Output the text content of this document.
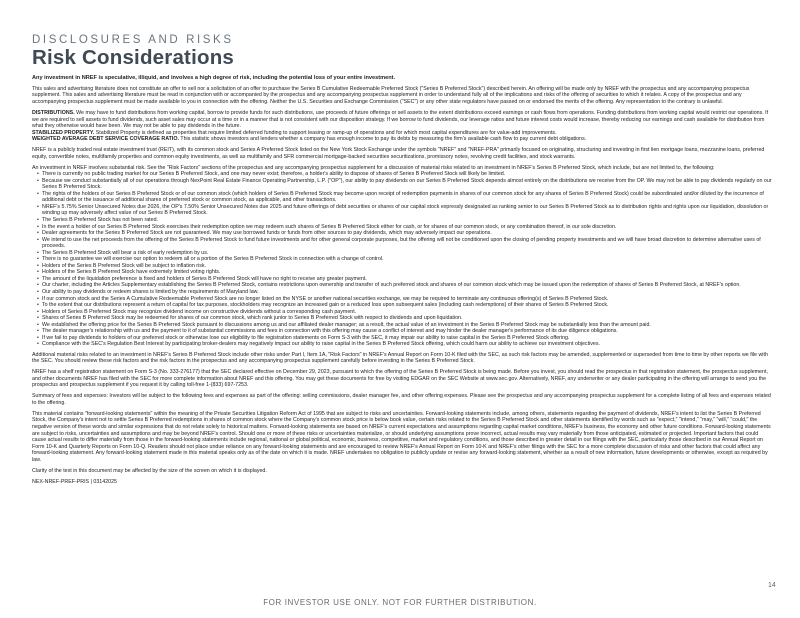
DISCLOSURES AND RISKS
Risk Considerations

Any investment in NREF is speculative, illiquid, and involves a high degree of risk, including the potential loss of your entire investment.

This sales and advertising literature does not constitute an offer to sell nor a solicitation of an offer to purchase the Series B Cumulative Redeemable Preferred Stock ("Series B Preferred Stock") described herein. An offering will be made only by NREF with the prospectus and any accompanying prospectus supplement. This sales and advertising literature must be read in conjunction with or accompanied by the prospectus and any accompanying prospectus supplement in order to understand fully all of the implications and risks of the offering of securities to which it relates. A copy of the prospectus and any accompanying prospectus supplement must be made available to you in connection with the offering. Neither the U.S. Securities and Exchange Commission ("SEC") or any other state regulators have passed on or endorsed the merits of the offering. Any representation to the contrary is unlawful.

DISTRIBUTIONS. We may have to fund distributions from working capital, borrow to provide funds for such distributions, use proceeds of future offerings or sell assets to the extent distributions exceed earnings or cash flows from operations. Funding distributions from working capital would restrict our operations. If we are required to sell assets to fund dividends, such asset sales may occur at a time or in a manner that is not consistent with our disposition strategy. If we borrow to fund dividends, our leverage ratios and future interest costs would increase, thereby reducing our earnings and cash available for distribution from what they otherwise would have been. We may not be able to pay dividends in the future.
STABILIZED PROPERTY. Stabilized Property is defined as properties that require limited deferred funding to support leasing or ramp-up of operations and for which most capital expenditures are for value-add improvements.
WEIGHTED AVERAGE DEBT SERVICE COVERAGE RATIO. This statistic shows investors and lenders whether a company has enough income to pay its debts by measuring the firm's available cash flow to pay current debt obligations.

NREF is a publicly traded real estate investment trust (REIT), with its common stock and Series A Preferred Stock listed on the New York Stock Exchange under the symbols "NREF" and "NREF-PRA" primarily focused on originating, structuring and investing in first lien mortgage loans, mezzanine loans, preferred equity, convertible notes, multifamily properties and common equity investments, as well as multifamily and SFR commercial mortgage-backed securities securitizations, promissory notes, revolving credit facilities, and stock warrants.

An investment in NREF involves substantial risk. See the "Risk Factors" sections of the prospectus and any accompanying prospectus supplement for a discussion of material risks related to an investment in NREF's Series B Preferred Stock, which include, but are not limited to, the following:

• There is currently no public trading market for our Series B Preferred Stock, and one may never exist; therefore, a holder's ability to dispose of shares of Series B Preferred Stock will likely be limited.
• Because we conduct substantially all of our operations through NexPoint Real Estate Finance Operating Partnership, L.P. ("OP"), our ability to pay dividends on our Series B Preferred Stock depends almost entirely on the distributions we receive from the OP. We may not be able to pay dividends regularly on our Series B Preferred Stock.
• The rights of the holders of our Series B Preferred Stock or of our common stock (which holders of Series B Preferred Stock may become upon receipt of redemption payments in shares of our common stock for any shares of Series B Preferred Stock) could be subordinated and/or diluted by the incurrence of additional debt or the issuance of additional shares of preferred stock or common stock, as applicable, and other transactions.
• NREF's 5.75% Senior Unsecured Notes due 2026, the OP's 7.50% Senior Unsecured Notes due 2025 and future offerings of debt securities or shares of our capital stock expressly designated as ranking senior to our Series B Preferred Stock as to distribution rights and rights upon our liquidation, dissolution or winding up may adversely affect value of our Series B Preferred Stock.
• The Series B Preferred Stock has not been rated.
• In the event a holder of our Series B Preferred Stock exercises their redemption option we may redeem such shares of Series B Preferred Stock either for cash, or for shares of our common stock, or any combination thereof, in our sole discretion.
• Dealer agreements for the Series B Preferred Stock are not guaranteed. We may use borrowed funds or funds from other sources to pay dividends, which may adversely impact our operations.
• We intend to use the net proceeds from the offering of the Series B Preferred Stock to fund future investments and for other general corporate purposes, but the offering will not be conditioned upon the closing of pending property investments and we will have broad discretion to determine alternative uses of proceeds.
• The Series B Preferred Stock will bear a risk of early redemption by us.
• There is no guarantee we will exercise our option to redeem all or a portion of the Series B Preferred Stock in connection with a change of control.
• Holders of the Series B Preferred Stock will be subject to inflation risk.
• Holders of the Series B Preferred Stock have extremely limited voting rights.
• The amount of the liquidation preference is fixed and holders of Series B Preferred Stock will have no right to receive any greater payment.
• Our charter, including the Articles Supplementary establishing the Series B Preferred Stock, contains restrictions upon ownership and transfer of such preferred stock and shares of our common stock which may be issued upon the redemption of shares of Series B Preferred Stock, at NREF's option.
• Our ability to pay dividends or redeem shares is limited by the requirements of Maryland law.
• If our common stock and the Series A Cumulative Redeemable Preferred Stock are no longer listed on the NYSE or another national securities exchange, we may be required to terminate any continuous offering(s) of Series B Preferred Stock.
• To the extent that our distributions represent a return of capital for tax purposes, stockholders may recognize an increased gain or a reduced loss upon subsequent sales (including cash redemptions) of their shares of Series B Preferred Stock.
• Holders of Series B Preferred Stock may recognize dividend income on constructive dividends without a corresponding cash payment.
• Shares of Series B Preferred Stock may be redeemed for shares of our common stock, which rank junior to Series B Preferred Stock with respect to dividends and upon liquidation.
• We established the offering price for the Series B Preferred Stock pursuant to discussions among us and our affiliated dealer manager; as a result, the actual value of an investment in the Series B Preferred Stock may be substantially less than the amount paid.
• The dealer manager's relationship with us and the payment to it of substantial commissions and fees in connection with this offering may cause a conflict of interest and may hinder the dealer manager's performance of its due diligence obligations.
• If we fail to pay dividends to holders of our preferred stock or otherwise lose our eligibility to file registration statements on Form S-3 with the SEC, it may impair our ability to raise capital in the Series B Preferred Stock offering.
• Compliance with the SEC's Regulation Best Interest by participating broker-dealers may negatively impact our ability to raise capital in the Series B Preferred Stock offering, which could harm our ability to achieve our investment objectives.

Additional material risks related to an investment in NREF's Series B Preferred Stock include other risks under Part I, Item 1A, "Risk Factors" in NREF's Annual Report on Form 10-K filed with the SEC, as such risk factors may be amended, supplemented or superseded from time to time by other reports we file with the SEC. You should review these risk factors and the risk factors in the prospectus and any accompanying prospectus supplement carefully before investing in the Series B Preferred Stock.

NREF has a shelf registration statement on Form S-3 (No. 333-276177) that the SEC declared effective on December 29, 2023, pursuant to which the offering of the Series B Preferred Stock is being made. Before you invest, you should read the prospectus in that registration statement, the prospectus supplement, and other documents NREF has filed with the SEC for more complete information about NREF and this offering. You may get these documents for free by visiting EDGAR on the SEC Website at www.sec.gov. Alternatively, NREF, any underwriter or any dealer participating in the offering will arrange to send you the prospectus and prospectus supplement if you request it by calling toll-free 1-(833) 697-7253.

Summary of fees and expenses: Investors will be subject to the following fees and expenses as part of the offering: selling commissions, dealer manager fee, and other offering expenses. Please see the prospectus and any accompanying prospectus supplement for a complete listing of all fees and expenses related to the offering.

This material contains "forward-looking statements" within the meaning of the Private Securities Litigation Reform Act of 1995 that are subject to risks and uncertainties. Forward-looking statements include, among others, statements regarding the payment of dividends, NREF's intent to list the Series B Preferred Stock, the Company's intent not to settle Series B Preferred redemptions in shares of common stock where the Company's common stock price is below book value, certain risks related to the Series B Preferred Stock and other statements identified by words such as "expect," "intend," "may," "will," "could," the negative version of these words and similar expressions that do not relate solely to historical matters. Forward-looking statements are based on NREF's current expectations and assumptions regarding capital market conditions, NREF's business, the economy and other future conditions. Forward-looking statements are subject to risks, uncertainties and assumptions and may be beyond NREF's control. Should one or more of these risks or uncertainties materialize, or should underlying assumptions prove incorrect, actual results may vary materially from those anticipated, estimated or projected. Important factors that could cause actual results to differ materially from those in the forward-looking statements include regional, national or global political, economic, business, competitive, market and regulatory conditions, and those described in greater detail in our filings with the SEC, particularly those described in our Annual Report on Form 10-K and Quarterly Reports on Form 10-Q. Readers should not place undue reliance on any forward-looking statements and are encouraged to review NREF's Annual Report on Form 10-K and NREF's other filings with the SEC for a more complete discussion of risks and other factors that could affect any forward-looking statement. Any forward-looking statement made in this material speaks only as of the date on which it is made. NREF undertakes no obligation to publicly update or revise any forward-looking statement, whether as a result of new information, future developments or otherwise, except as required by law.

Clarity of the text in this document may be affected by the size of the screen on which it is displayed.

NEX-NREF-PREF-PRIS | 03142025

14
FOR INVESTOR USE ONLY. NOT FOR FURTHER DISTRIBUTION.
